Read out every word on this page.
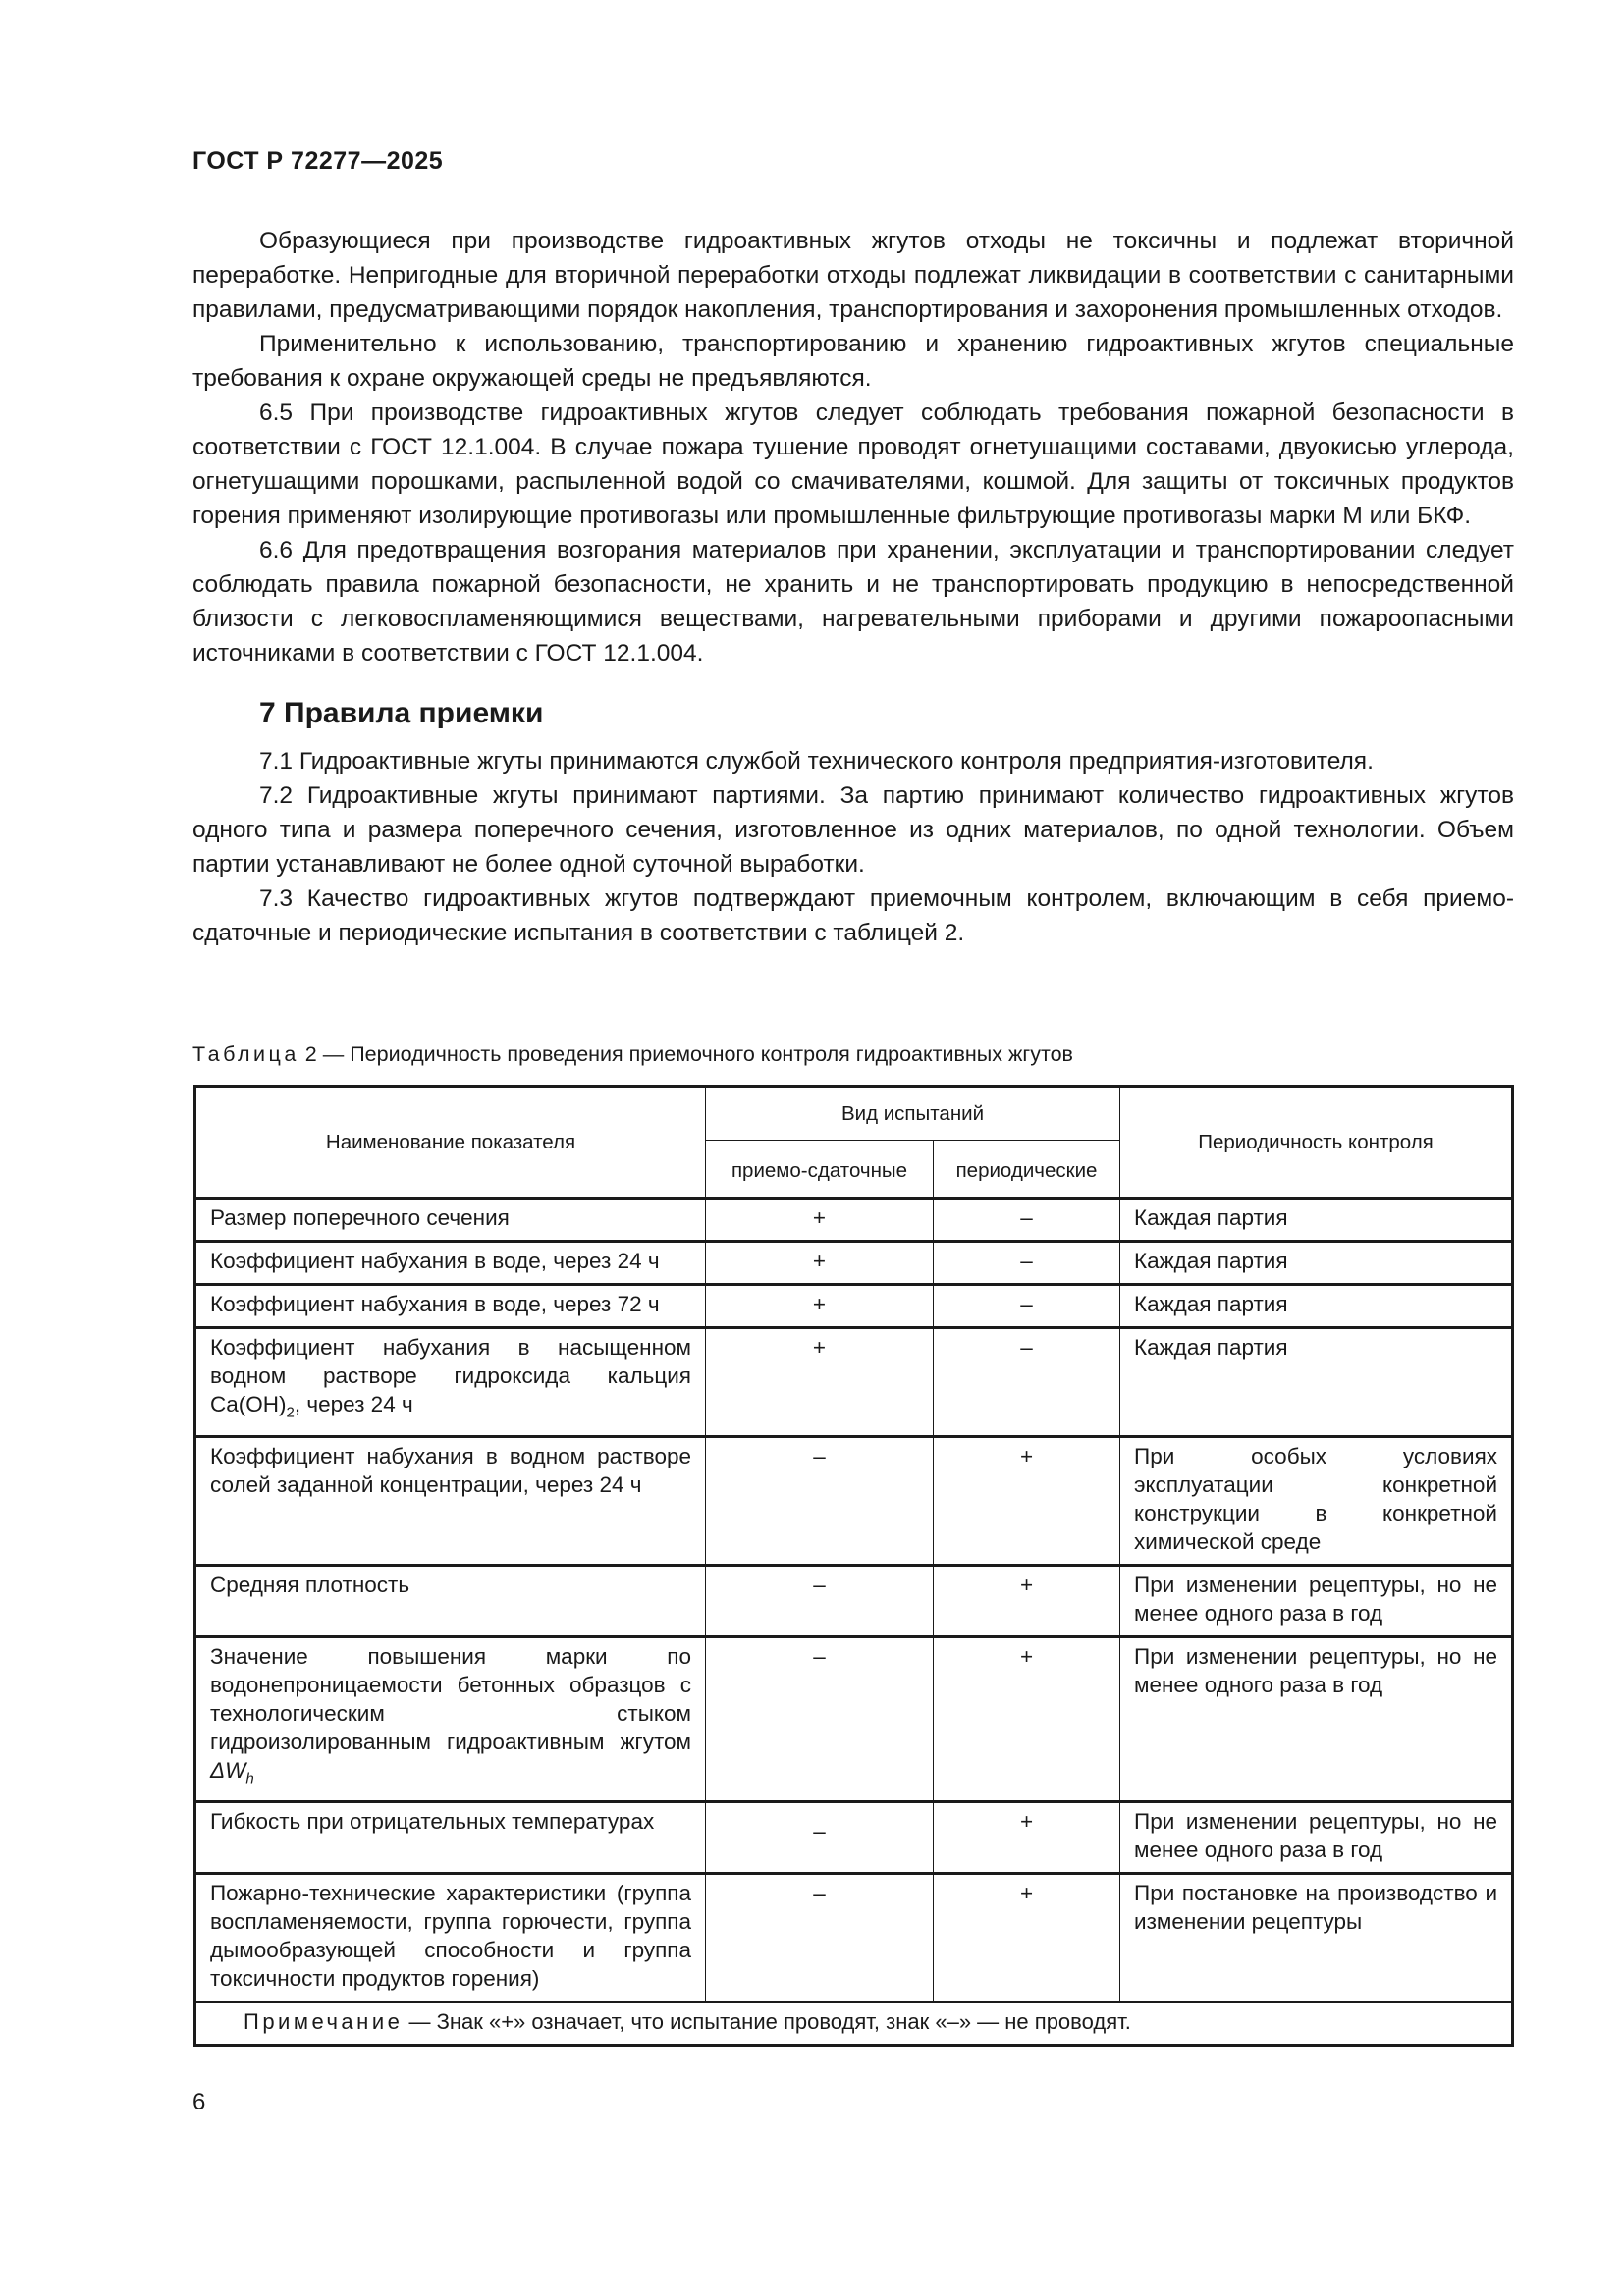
ГОСТ Р 72277—2025

Образующиеся при производстве гидроактивных жгутов отходы не токсичны и подлежат вторичной переработке. Непригодные для вторичной переработки отходы подлежат ликвидации в соответствии с санитарными правилами, предусматривающими порядок накопления, транспортирования и захоронения промышленных отходов.

Применительно к использованию, транспортированию и хранению гидроактивных жгутов специальные требования к охране окружающей среды не предъявляются.

6.5 При производстве гидроактивных жгутов следует соблюдать требования пожарной безопасности в соответствии с ГОСТ 12.1.004. В случае пожара тушение проводят огнетушащими составами, двуокисью углерода, огнетушащими порошками, распыленной водой со смачивателями, кошмой. Для защиты от токсичных продуктов горения применяют изолирующие противогазы или промышленные фильтрующие противогазы марки М или БКФ.

6.6 Для предотвращения возгорания материалов при хранении, эксплуатации и транспортировании следует соблюдать правила пожарной безопасности, не хранить и не транспортировать продукцию в непосредственной близости с легковоспламеняющимися веществами, нагревательными приборами и другими пожароопасными источниками в соответствии с ГОСТ 12.1.004.

7 Правила приемки

7.1 Гидроактивные жгуты принимаются службой технического контроля предприятия-изготовителя.

7.2 Гидроактивные жгуты принимают партиями. За партию принимают количество гидроактивных жгутов одного типа и размера поперечного сечения, изготовленное из одних материалов, по одной технологии. Объем партии устанавливают не более одной суточной выработки.

7.3 Качество гидроактивных жгутов подтверждают приемочным контролем, включающим в себя приемо-сдаточные и периодические испытания в соответствии с таблицей 2.

Таблица 2 — Периодичность проведения приемочного контроля гидроактивных жгутов
Наименование показателя	Вид испытаний		Периодичность контроля
	приемо-сдаточные	периодические	
Размер поперечного сечения	+	–	Каждая партия
Коэффициент набухания в воде, через 24 ч	+	–	Каждая партия
Коэффициент набухания в воде, через 72 ч	+	–	Каждая партия
Коэффициент набухания в насыщенном водном растворе гидроксида кальция $Ca(OH)_2$, через 24 ч	+	–	Каждая партия
Коэффициент набухания в водном растворе солей заданной концентрации, через 24 ч	–	+	При особых условиях эксплуатации конкретной конструкции в конкретной химической среде
Средняя плотность	–	+	При изменении рецептуры, но не менее одного раза в год
Значение повышения марки по водонепроницаемости бетонных образцов с технологическим стыком гидроизолированным гидроактивным жгутом $\Delta W_h$	–	+	При изменении рецептуры, но не менее одного раза в год
Гибкость при отрицательных температурах	–	+	При изменении рецептуры, но не менее одного раза в год
Пожарно-технические характеристики (группа воспламеняемости, группа горючести, группа дымообразующей способности и группа токсичности продуктов горения)	–	+	При постановке на производство и изменении рецептуры
Примечание — Знак «+» означает, что испытание проводят, знак «–» — не проводят.			
6
